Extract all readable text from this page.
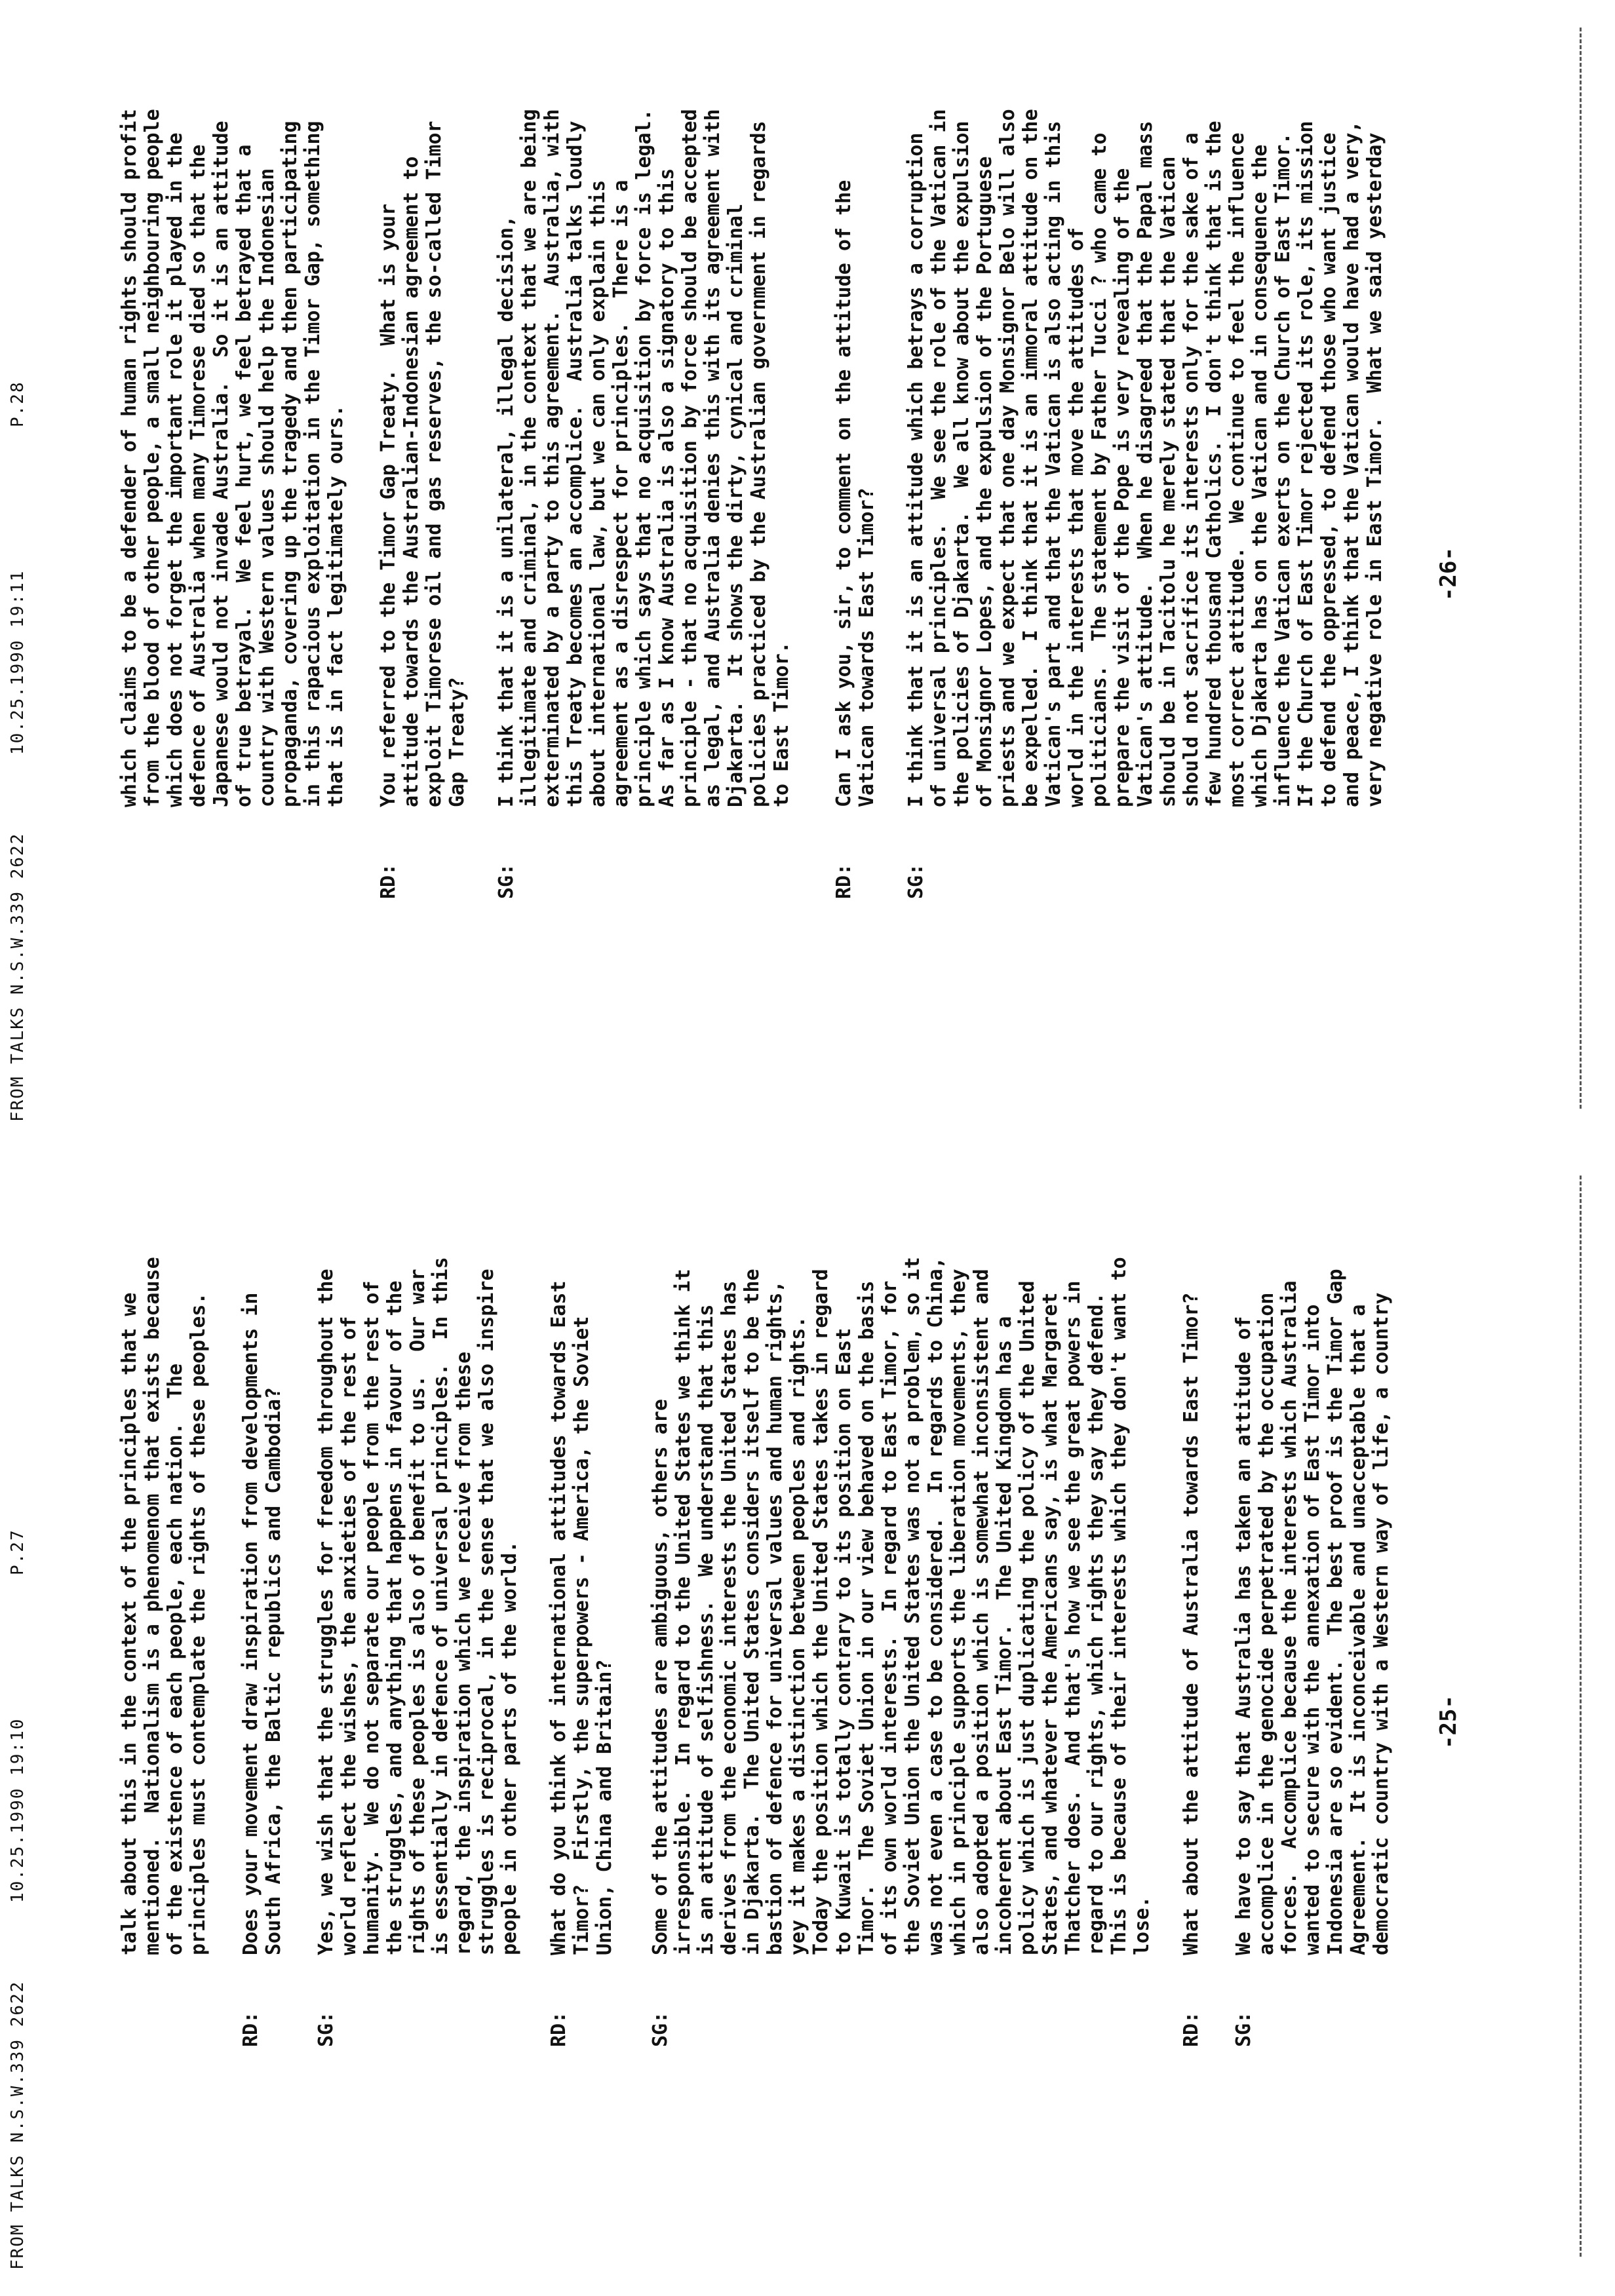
FROM TALKS N.S.W.339 2622
10.25.1990 19:10
P.27
talk about this in the context of the principles that we
mentioned.  Nationalism is a phenomenom that exists because
of the existence of each people, each nation.  The
principles must contemplate the rights of these peoples.
RD:
Does your movement draw inspiration from developments in
South Africa, the Baltic republics and Cambodia?
SG:
Yes, we wish that the struggles for freedom throughout the
world reflect the wishes, the anxieties of the rest of
humanity.  We do not separate our people from the rest of
the struggles, and anything that happens in favour of the
rights of these peoples is also of benefit to us.  Our war
is essentially in defence of universal principles.  In this
regard, the inspiration which we receive from these
struggles is reciprocal, in the sense that we also inspire
people in other parts of the world.
RD:
What do you think of international attitudes towards East
Timor?  Firstly, the superpowers - America, the Soviet
Union, China and Britain?
SG:
Some of the attitudes are ambiguous, others are
irresponsible.  In regard to the United States we think it
is an attitude of selfishness.  We understand that this
derives from the economic interests the United States has
in Djakarta.  The United States considers itself to be the
bastion of defence for universal values and human rights,
yey it makes a distinction between peoples and rights.
Today the position which the United States takes in regard
to Kuwait is totally contrary to its position on East
Timor.  The Soviet Union in our view behaved on the basis
of its own world interests.  In regard to East Timor, for
the Soviet Union the United States was not a problem, so it
was not even a case to be considered.  In regards to China,
which in principle supports the liberation movements, they
also adopted a position which is somewhat inconsistent and
incoherent about East Timor.  The United Kingdom has a
policy which is just duplicating the policy of the United
States, and whatever the Americans say, is what Margaret
Thatcher does.  And that's how we see the great powers in
regard to our rights, which rights they say they defend.
This is because of their interests which they don't want to
lose.
RD:
What about the attitude of Australia towards East Timor?
SG:
We have to say that Australia has taken an attitude of
accomplice in the genocide perpetrated by the occupation
forces.  Accomplice because the interests which Australia
wanted to secure with the annexation of East Timor into
Indonesia are so evident.  The best proof is the Timor Gap
Agreement.  It is inconceivable and unacceptable that a
democratic country with a Western way of life, a country
-25-
FROM TALKS N.S.W.339 2622
10.25.1990 19:11
P.28
which claims to be a defender of human rights should profit
from the blood of other people, a small neighbouring people
which does not forget the important role it played in the
defence of Australia when many Timorese died so that the
Japanese would not invade Australia.  So it is an attitude
of true betrayal.  We feel hurt, we feel betrayed that a
country with Western values should help the Indonesian
propaganda, covering up the tragedy and then participating
in this rapacious exploitation in the Timor Gap, something
that is in fact legitimately ours.
RD:
You referred to the Timor Gap Treaty.  What is your
attitude towards the Australian-Indonesian agreement to
exploit Timorese oil and gas reserves, the so-called Timor
Gap Treaty?
SG:
I think that it is a unilateral, illegal decision,
illegitimate and criminal, in the context that we are being
exterminated by a party to this agreement.  Australia, with
this Treaty becomes an accomplice.  Australia talks loudly
about international law, but we can only explain this
agreement as a disrespect for principles.  There is a
principle which says that no acquisition by force is legal.
As far as I know Australia is also a signatory to this
principle - that no acquisition by force should be accepted
as legal, and Australia denies this with its agreement with
Djakarta.  It shows the dirty, cynical and criminal
policies practiced by the Australian government in regards
to East Timor.
RD:
Can I ask you, sir, to comment on the attitude of the
Vatican towards East Timor?
SG:
I think that it is an attitude which betrays a corruption
of universal principles.  We see the role of the Vatican in
the policies of Djakarta.  We all know about the expulsion
of Monsignor Lopes, and the expulsion of the Portuguese
priests and we expect that one day Monsignor Belo will also
be expelled.  I think that it is an immoral attitude on the
Vatican's part and that the Vatican is also acting in this
world in the interests that move the attitudes of
politicians.  The statement by Father Tucci ? who came to
prepare the visit of the Pope is very revealing of the
Vatican's attitude.  When he disagreed that the Papal mass
should be in Tacitolu he merely stated that the Vatican
should not sacrifice its interests only for the sake of a
few hundred thousand Catholics.  I don't think that is the
most correct attitude.  We continue to feel the influence
which Djakarta has on the Vatican and in consequence the
influence the Vatican exerts on the Church of East Timor.
If the Church of East Timor rejected its role, its mission
to defend the oppressed, to defend those who want justice
and peace, I think that the Vatican would have had a very,
very negative role in East Timor.  What we said yesterday
-26-
